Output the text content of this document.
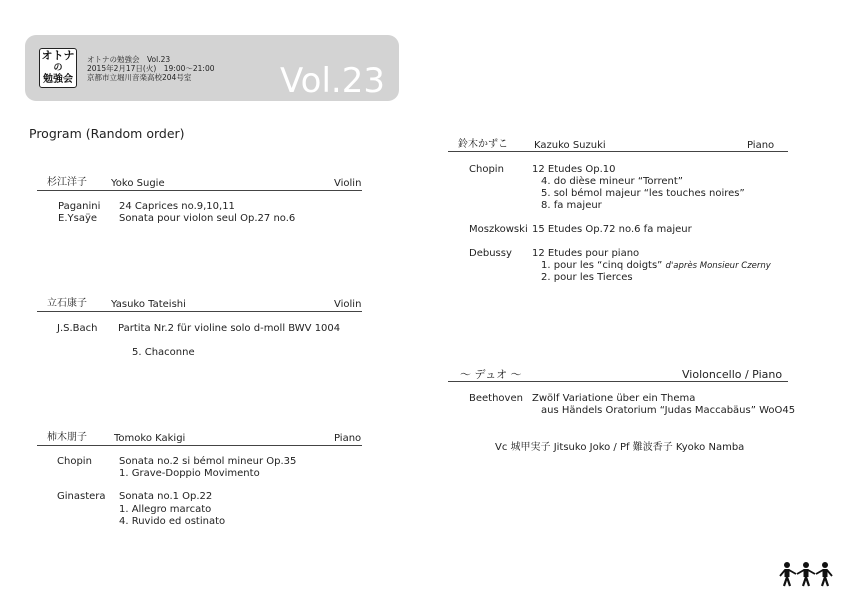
オトナ
の
勉強会
オトナの勉強会　Vol.23
2015年2月17日(火)　19:00～21:00
京都市立堀川音楽高校204号室	Vol.23
Program (Random order)
杉江洋子 Yoko Sugie	Violin
Paganini 24 Caprices no.9,10,11
E.Ysaÿe Sonata pour violon seul Op.27 no.6
立石康子 Yasuko Tateishi	Violin
J.S.Bach Partita Nr.2 für violine solo d-moll BWV 1004
5. Chaconne
柿木朋子	Tomoko Kakigi	Piano
Chopin	Sonata no.2 si bémol mineur Op.35
1. Grave-Doppio Movimento
Ginastera Sonata no.1 Op.22
1. Allegro marcato
4. Ruvido ed ostinato
鈴木かずこ	Kazuko Suzuki	Piano
Chopin	12 Etudes Op.10
4. do dièse mineur “Torrent”
5. sol bémol majeur “les touches noires”
8. fa majeur
Moszkowski 15 Etudes Op.72 no.6 fa majeur
Debussy 12 Etudes pour piano
1. pour les “cinq doigts” d'après Monsieur Czerny
2. pour les Tierces
～ デュオ ～	Violoncello / Piano
Beethoven Zwölf Variatione über ein Thema
aus Händels Oratorium “Judas Maccabäus” WoO45
Vc 城甲実子 Jitsuko Joko / Pf 難波香子 Kyoko Namba
